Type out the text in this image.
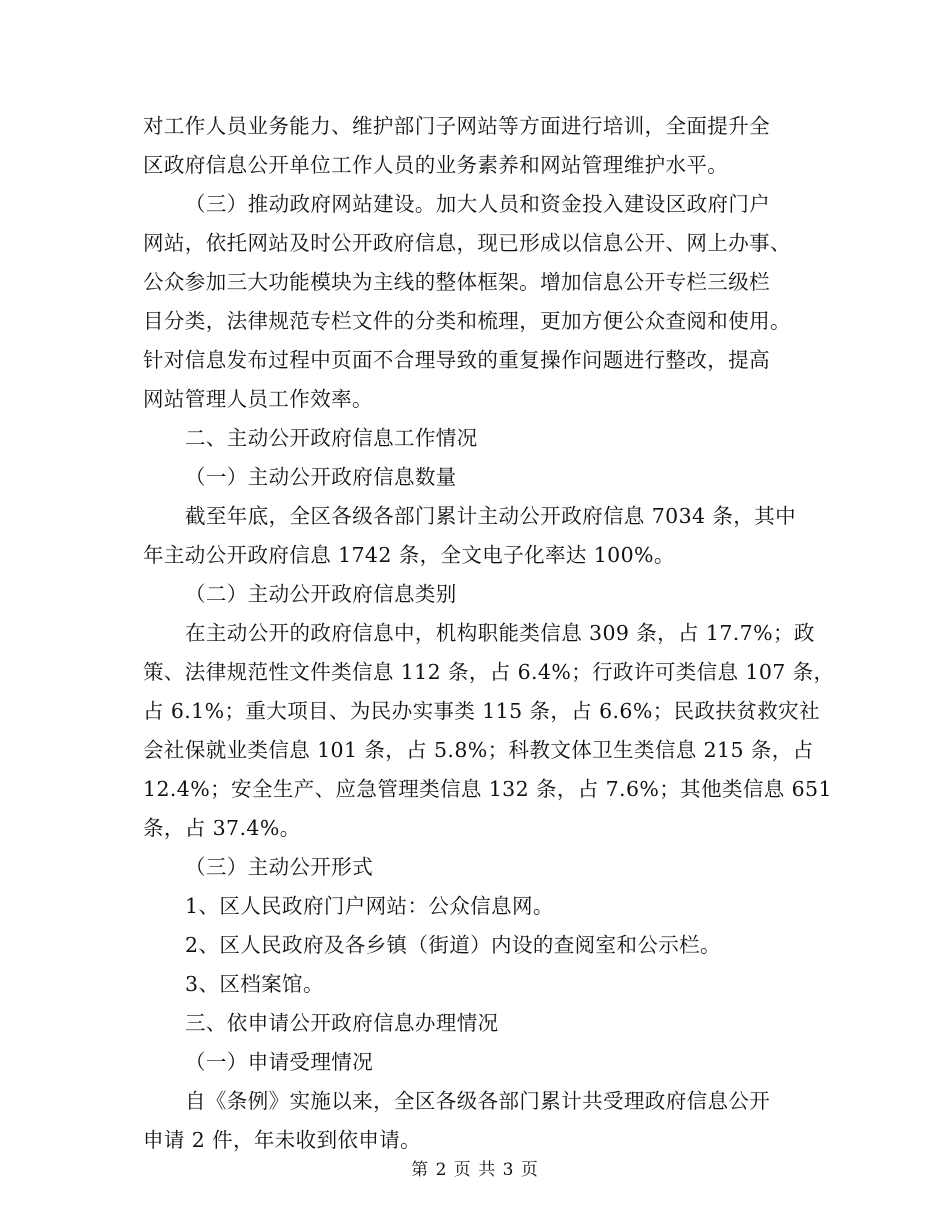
对工作人员业务能力、维护部门子网站等方面进行培训，全面提升全
区政府信息公开单位工作人员的业务素养和网站管理维护水平。
（三）推动政府网站建设。加大人员和资金投入建设区政府门户
网站，依托网站及时公开政府信息，现已形成以信息公开、网上办事、
公众参加三大功能模块为主线的整体框架。增加信息公开专栏三级栏
目分类，法律规范专栏文件的分类和梳理，更加方便公众查阅和使用。
针对信息发布过程中页面不合理导致的重复操作问题进行整改，提高
网站管理人员工作效率。
二、主动公开政府信息工作情况
（一）主动公开政府信息数量
截至年底，全区各级各部门累计主动公开政府信息 7034 条，其中
年主动公开政府信息 1742 条，全文电子化率达 100%。
（二）主动公开政府信息类别
在主动公开的政府信息中，机构职能类信息 309 条，占 17.7%；政
策、法律规范性文件类信息 112 条，占 6.4%；行政许可类信息 107 条，
占 6.1%；重大项目、为民办实事类 115 条，占 6.6%；民政扶贫救灾社
会社保就业类信息 101 条，占 5.8%；科教文体卫生类信息 215 条，占
12.4%；安全生产、应急管理类信息 132 条，占 7.6%；其他类信息 651
条，占 37.4%。
（三）主动公开形式
1、区人民政府门户网站：公众信息网。
2、区人民政府及各乡镇（街道）内设的查阅室和公示栏。
3、区档案馆。
三、依申请公开政府信息办理情况
（一）申请受理情况
自《条例》实施以来，全区各级各部门累计共受理政府信息公开
申请 2 件，年未收到依申请。
第 2 页 共 3 页
